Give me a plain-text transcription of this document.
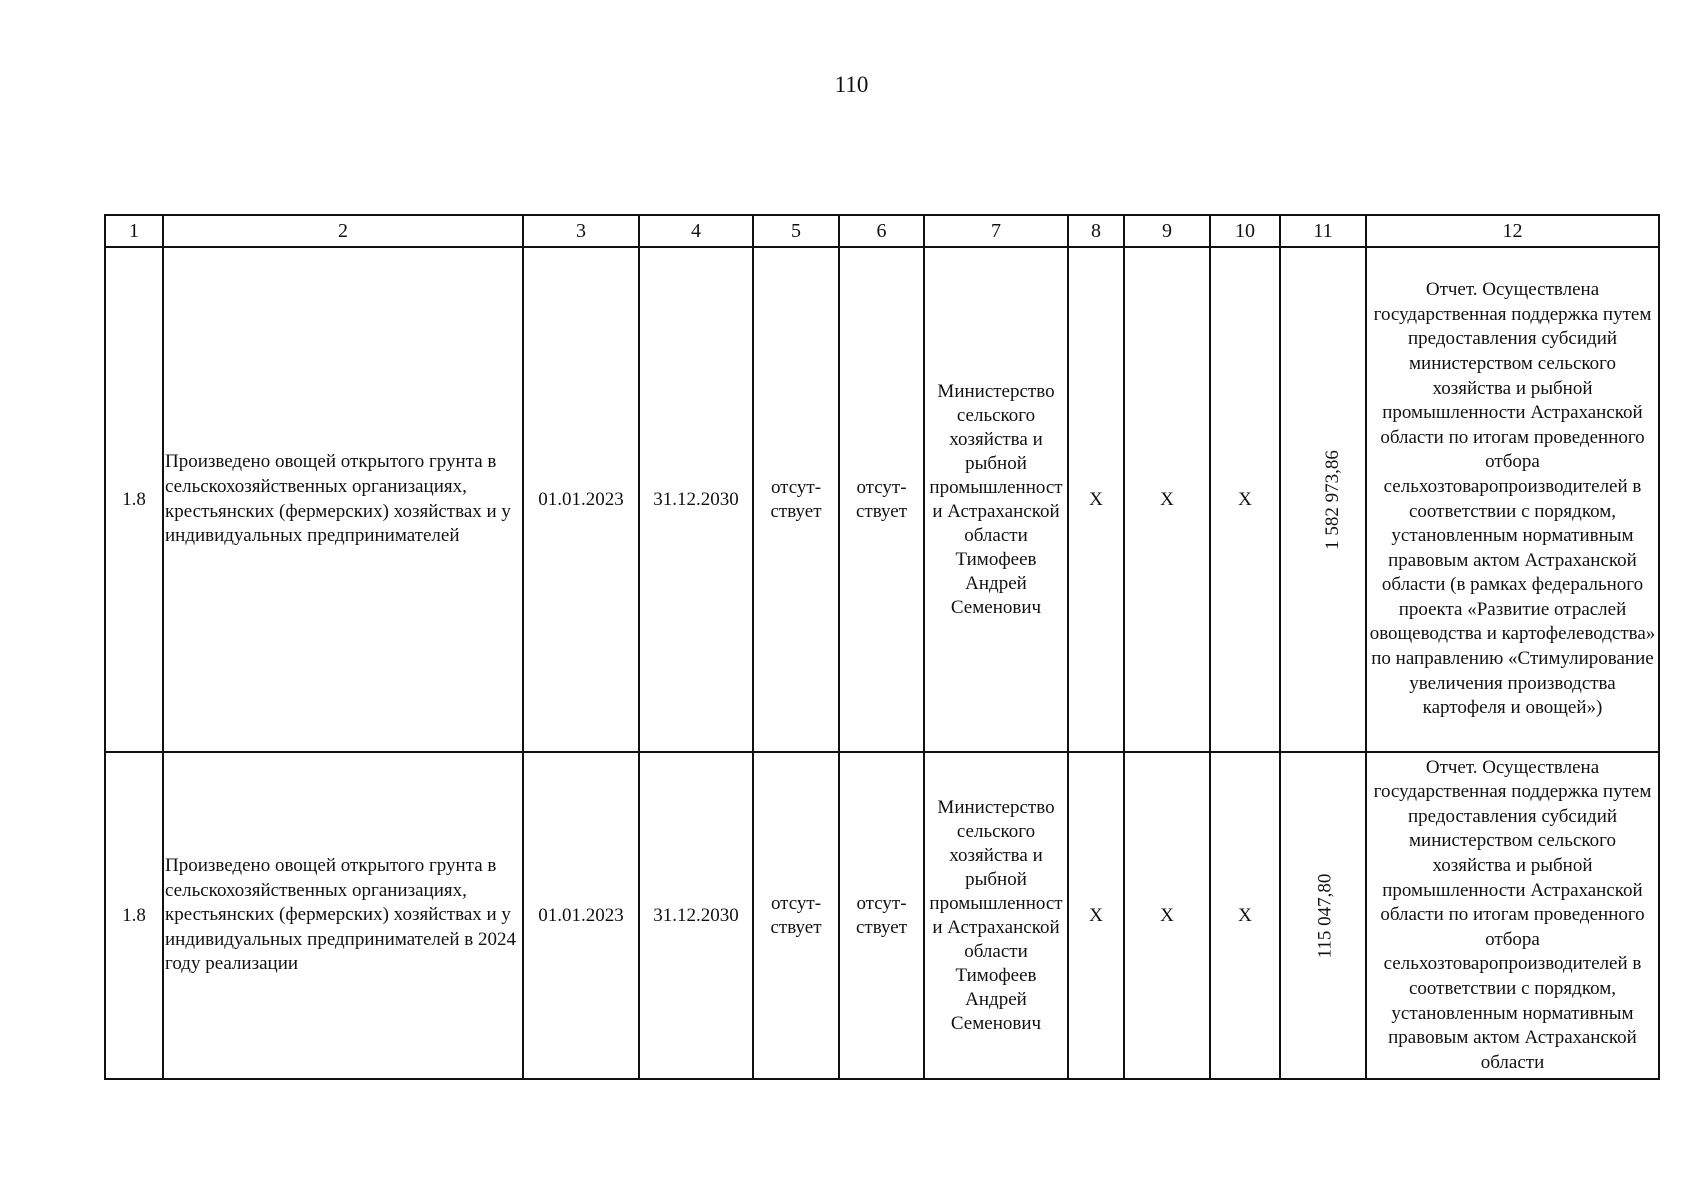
110
1	2	3	4	5	6	7	8	9	10	11	12
1.8	Произведено овощей открытого грунта в сельскохозяйственных организациях, крестьянских (фермерских) хозяйствах и у индивидуальных предпринимателей	01.01.2023	31.12.2030	отсут-ствует	отсут-ствует	Министерство сельского хозяйства и рыбной промышленности Астраханской области Тимофеев Андрей Семенович	Х	Х	Х	1 582 973,86	Отчет. Осуществлена государственная поддержка путем предоставления субсидий министерством сельского хозяйства и рыбной промышленности Астраханской области по итогам проведенного отбора сельхозтоваропроизводителей в соответствии с порядком, установленным нормативным правовым актом Астраханской области (в рамках федерального проекта «Развитие отраслей овощеводства и картофелеводства» по направлению «Стимулирование увеличения производства картофеля и овощей»)
1.8	Произведено овощей открытого грунта в сельскохозяйственных организациях, крестьянских (фермерских) хозяйствах и у индивидуальных предпринимателей в 2024 году реализации	01.01.2023	31.12.2030	отсут-ствует	отсут-ствует	Министерство сельского хозяйства и рыбной промышленности Астраханской области Тимофеев Андрей Семенович	Х	Х	Х	115 047,80	Отчет. Осуществлена государственная поддержка путем предоставления субсидий министерством сельского хозяйства и рыбной промышленности Астраханской области по итогам проведенного отбора сельхозтоваропроизводителей в соответствии с порядком, установленным нормативным правовым актом Астраханской области
